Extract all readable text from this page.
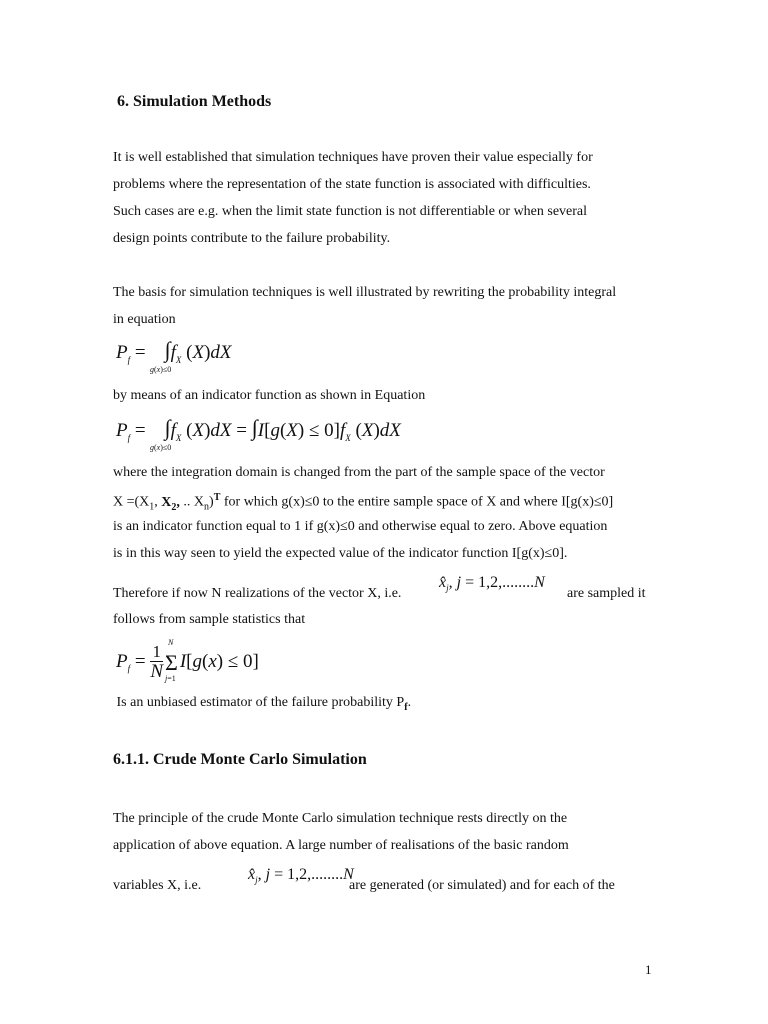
6. Simulation Methods

It is well established that simulation techniques have proven their value especially for

problems where the representation of the state function is associated with difficulties.

Such cases are e.g. when the limit state function is not differentiable or when several

design points contribute to the failure probability.

The basis for simulation techniques is well illustrated by rewriting the probability integral

in equation

$P_f = \int f_X$ (X)dX
g(x)≤0

by means of an indicator function as shown in Equation

$P_f = \int f_X$ $(X)dX = \int I[g(X) \le 0]f_X$ (X)dX
g(x)≤0

where the integration domain is changed from the part of the sample space of the vector

$X =(X_1$, $X_2$, .. $X_n)^T$ for which g(x)≤0 to the entire sample space of X and where I[g(x)≤0]

is an indicator function equal to 1 if g(x)≤0 and otherwise equal to zero. Above equation

is in this way seen to yield the expected value of the indicator function I[g(x)≤0].

Therefore if now N realizations of the vector X, i.e.
$x̂_j$, j = 1,2,........N
are sampled it

follows from sample statistics that

$P_f = \frac{1}{N}$ Σ
N
j=1
I[g(x) ≤ 0]

Is an unbiased estimator of the failure probability $P_f$.

6.1.1. Crude Monte Carlo Simulation

The principle of the crude Monte Carlo simulation technique rests directly on the

application of above equation. A large number of realisations of the basic random

variables X, i.e.
$x̂_j$, j = 1,2,........N
are generated (or simulated) and for each of the
1
